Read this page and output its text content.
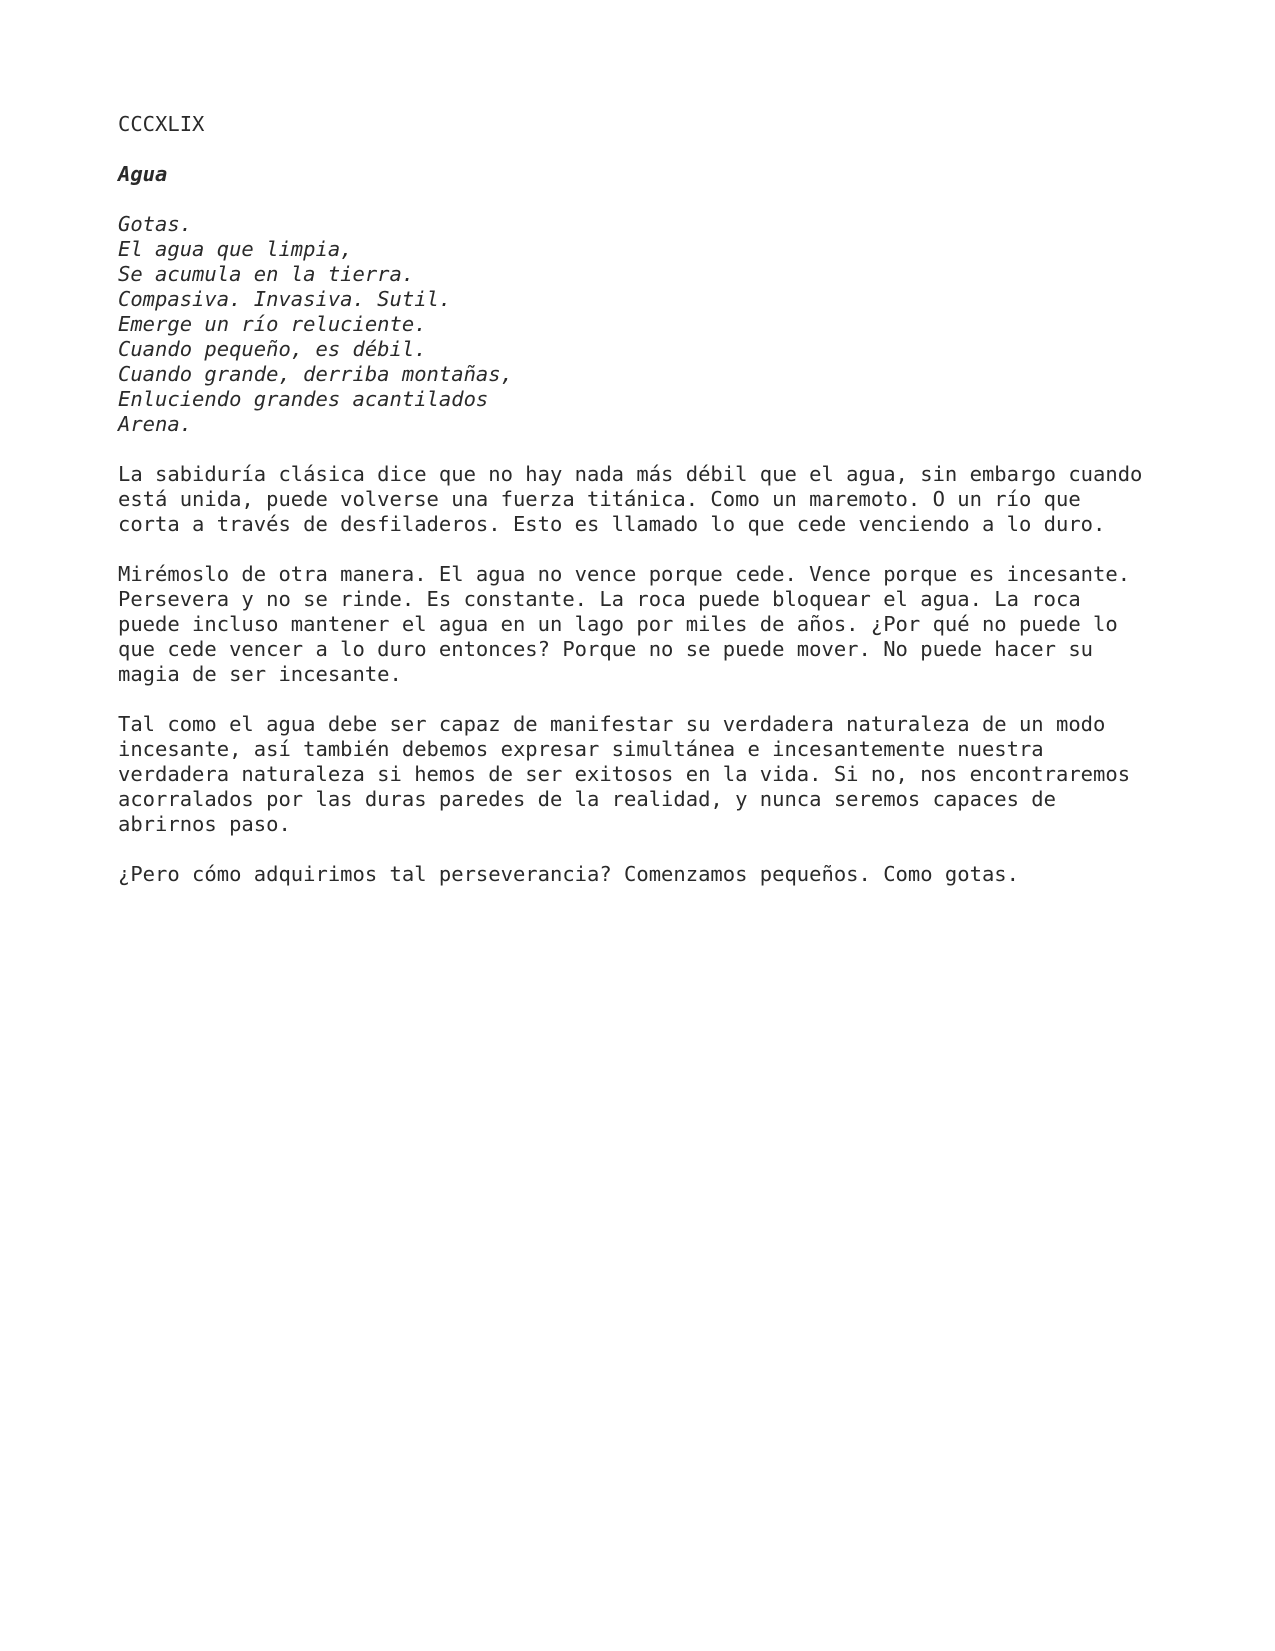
CCCXLIX
Agua
Gotas.
El agua que limpia,
Se acumula en la tierra.
Compasiva. Invasiva. Sutil.
Emerge un río reluciente.
Cuando pequeño, es débil.
Cuando grande, derriba montañas,
Enluciendo grandes acantilados
Arena.
La sabiduría clásica dice que no hay nada más débil que el agua, sin embargo cuando
está unida, puede volverse una fuerza titánica. Como un maremoto. O un río que
corta a través de desfiladeros. Esto es llamado lo que cede venciendo a lo duro.
Mirémoslo de otra manera. El agua no vence porque cede. Vence porque es incesante.
Persevera y no se rinde. Es constante. La roca puede bloquear el agua. La roca
puede incluso mantener el agua en un lago por miles de años. ¿Por qué no puede lo
que cede vencer a lo duro entonces? Porque no se puede mover. No puede hacer su
magia de ser incesante.
Tal como el agua debe ser capaz de manifestar su verdadera naturaleza de un modo
incesante, así también debemos expresar simultánea e incesantemente nuestra
verdadera naturaleza si hemos de ser exitosos en la vida. Si no, nos encontraremos
acorralados por las duras paredes de la realidad, y nunca seremos capaces de
abrirnos paso.
¿Pero cómo adquirimos tal perseverancia? Comenzamos pequeños. Como gotas.
